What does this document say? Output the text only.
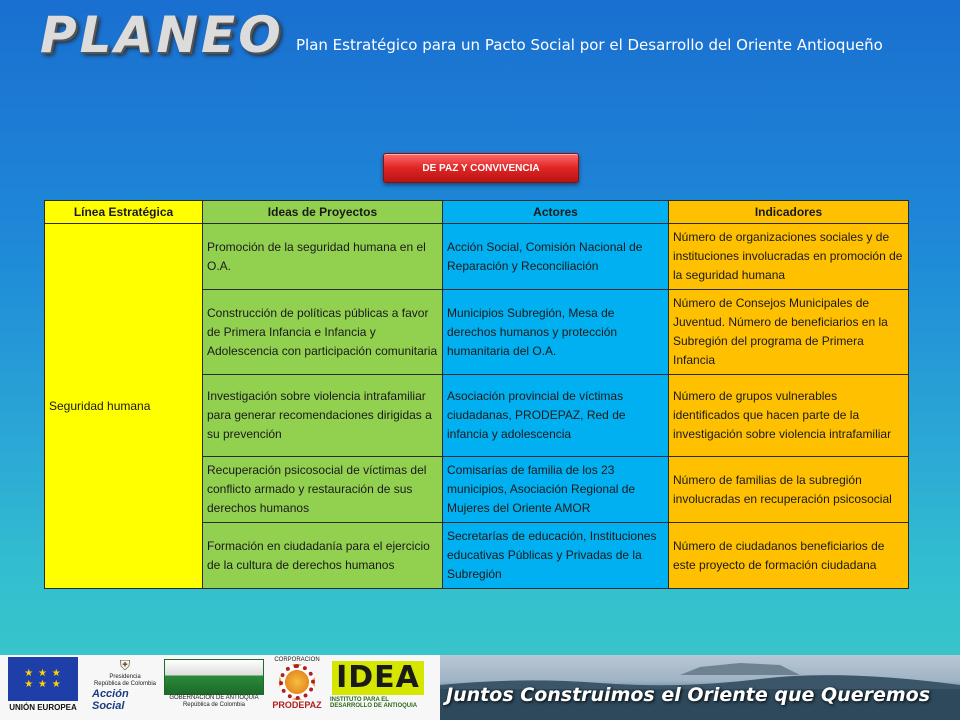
PLANEO Plan Estratégico para un Pacto Social por el Desarrollo del Oriente Antioqueño
DE PAZ Y CONVIVENCIA
Línea Estratégica	Ideas de Proyectos	Actores	Indicadores
Seguridad humana	Promoción de la seguridad humana en el O.A.	Acción Social, Comisión Nacional de Reparación y Reconciliación	Número de organizaciones sociales y de instituciones involucradas en promoción de la seguridad humana
	Construcción de políticas públicas a favor de Primera Infancia e Infancia y Adolescencia con participación comunitaria	Municipios Subregión, Mesa de derechos humanos y protección humanitaria del O.A.	Número de Consejos Municipales de Juventud. Número de beneficiarios en la Subregión del programa de Primera Infancia
	Investigación sobre violencia intrafamiliar para generar recomendaciones dirigidas a su prevención	Asociación provincial de víctimas ciudadanas, PRODEPAZ, Red de infancia y adolescencia	Número de grupos vulnerables identificados que hacen parte de la investigación sobre violencia intrafamiliar
	Recuperación psicosocial de víctimas del conflicto armado y restauración de sus derechos humanos	Comisarías de familia de los 23 municipios, Asociación Regional de Mujeres del Oriente AMOR	Número de familias de la subregión involucradas en recuperación psicosocial
	Formación en ciudadanía para el ejercicio de la cultura de derechos humanos	Secretarías de educación, Instituciones educativas Públicas y Privadas de la Subregión	Número de ciudadanos beneficiarios de este proyecto de formación ciudadana
★ ★ ★
★ ★ ★
UNIÓN EUROPEA
⛨
Presidencia
República de Colombia
Acción Social
GOBERNACIÓN DE ANTIOQUIA
República de Colombia
CORPORACION
PRODEPAZ
IDEA
INSTITUTO PARA EL DESARROLLO DE ANTIOQUIA	Juntos Construimos el Oriente que Queremos
